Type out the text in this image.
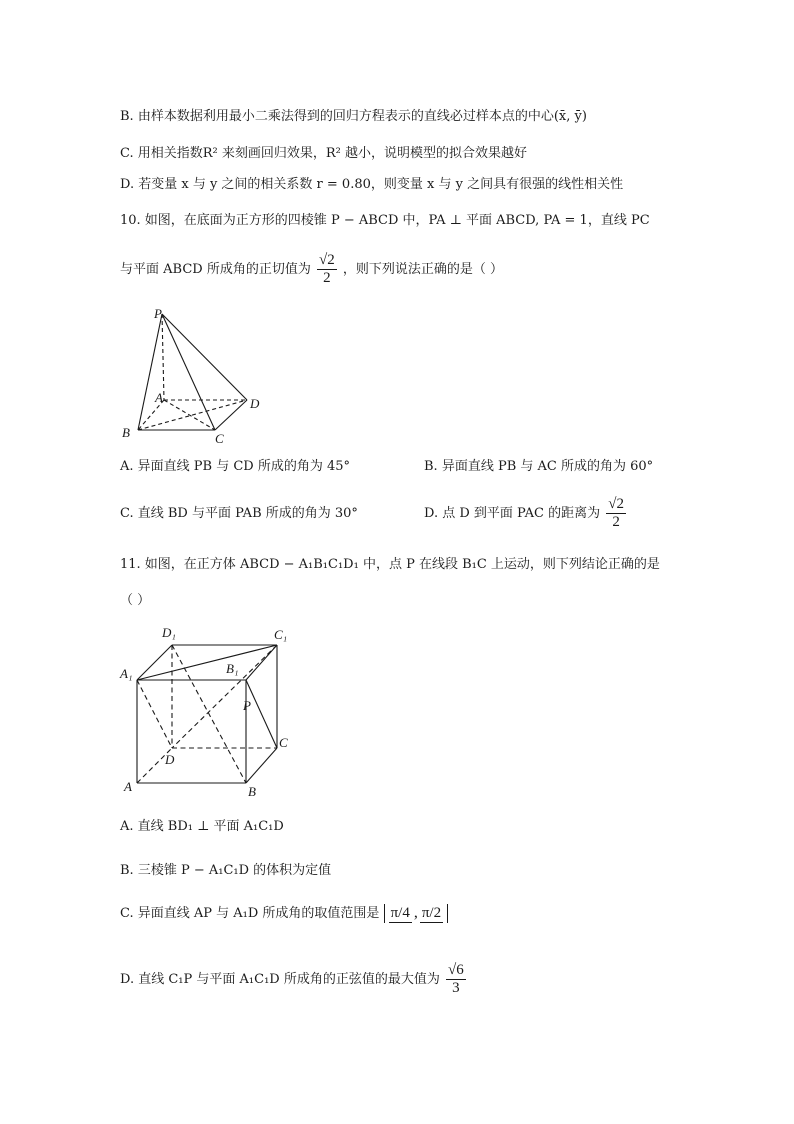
B. 由样本数据利用最小二乘法得到的回归方程表示的直线必过样本点的中心(x̄, ȳ)
C. 用相关指数R² 来刻画回归效果，R² 越小，说明模型的拟合效果越好
D. 若变量 x 与 y 之间的相关系数 r = 0.80，则变量 x 与 y 之间具有很强的线性相关性
10. 如图，在底面为正方形的四棱锥 P − ABCD 中，PA ⊥ 平面 ABCD, PA = 1，直线 PC
与平面 ABCD 所成角的正切值为 $\frac{√2}{2}$ ，则下列说法正确的是（ ）
P
A
B	C
D
A. 异面直线 PB 与 CD 所成的角为 45°	B. 异面直线 PB 与 AC 所成的角为 60°
C. 直线 BD 与平面 PAB 所成的角为 30°	D. 点 D 到平面 PAC 的距离为 $\frac{√2}{2}$
11. 如图，在正方体 ABCD − A₁B₁C₁D₁ 中，点 P 在线段 B₁C 上运动，则下列结论正确的是
（ ）
D₁	C₁
A₁	B₁
P
C
D
A	B
A. 直线 BD₁ ⊥ 平面 A₁C₁D
B. 三棱锥 P − A₁C₁D 的体积为定值
C. 异面直线 AP 与 A₁D 所成角的取值范围是 π/4 , π/2
D. 直线 C₁P 与平面 A₁C₁D 所成角的正弦值的最大值为 $\frac{√6}{3}$
